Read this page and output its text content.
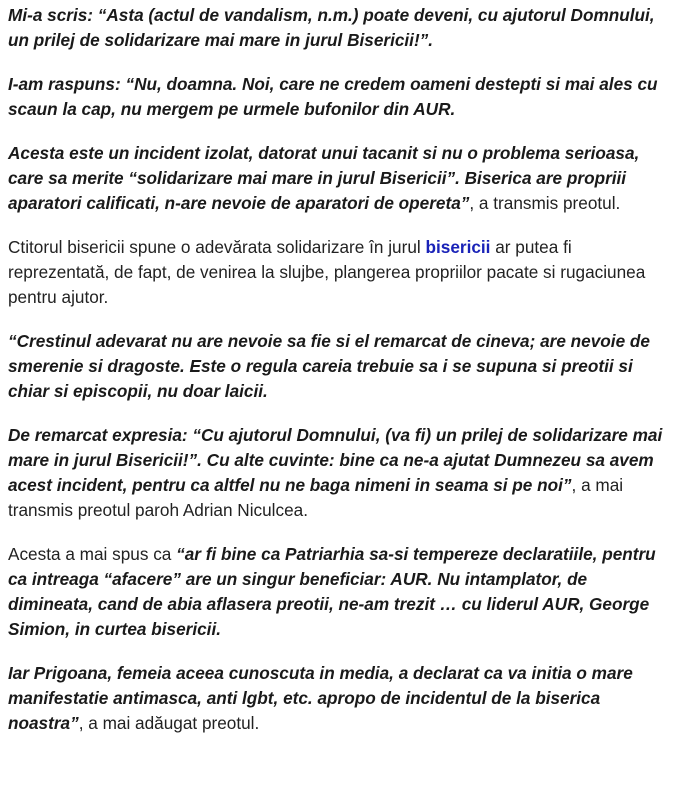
Mi-a scris: “Asta (actul de vandalism, n.m.) poate deveni, cu ajutorul Domnului, un prilej de solidarizare mai mare in jurul Bisericii!”.

I-am raspuns: “Nu, doamna. Noi, care ne credem oameni destepti si mai ales cu scaun la cap, nu mergem pe urmele bufonilor din AUR.

Acesta este un incident izolat, datorat unui tacanit si nu o problema serioasa, care sa merite “solidarizare mai mare in jurul Bisericii”. Biserica are propriii aparatori calificati, n-are nevoie de aparatori de opereta”, a transmis preotul.

Ctitorul bisericii spune o adevărata solidarizare în jurul bisericii ar putea fi reprezentată, de fapt, de venirea la slujbe, plangerea propriilor pacate si rugaciunea pentru ajutor.

“Crestinul adevarat nu are nevoie sa fie si el remarcat de cineva; are nevoie de smerenie si dragoste. Este o regula careia trebuie sa i se supuna si preotii si chiar si episcopii, nu doar laicii.

De remarcat expresia: “Cu ajutorul Domnului, (va fi) un prilej de solidarizare mai mare in jurul Bisericii!”. Cu alte cuvinte: bine ca ne-a ajutat Dumnezeu sa avem acest incident, pentru ca altfel nu ne baga nimeni in seama si pe noi”, a mai transmis preotul paroh Adrian Niculcea.

Acesta a mai spus ca “ar fi bine ca Patriarhia sa-si tempereze declaratiile, pentru ca intreaga “afacere” are un singur beneficiar: AUR. Nu intamplator, de dimineata, cand de abia aflasera preotii, ne-am trezit … cu liderul AUR, George Simion, in curtea bisericii.

Iar Prigoana, femeia aceea cunoscuta in media, a declarat ca va initia o mare manifestatie antimasca, anti lgbt, etc. apropo de incidentul de la biserica noastra”, a mai adăugat preotul.
